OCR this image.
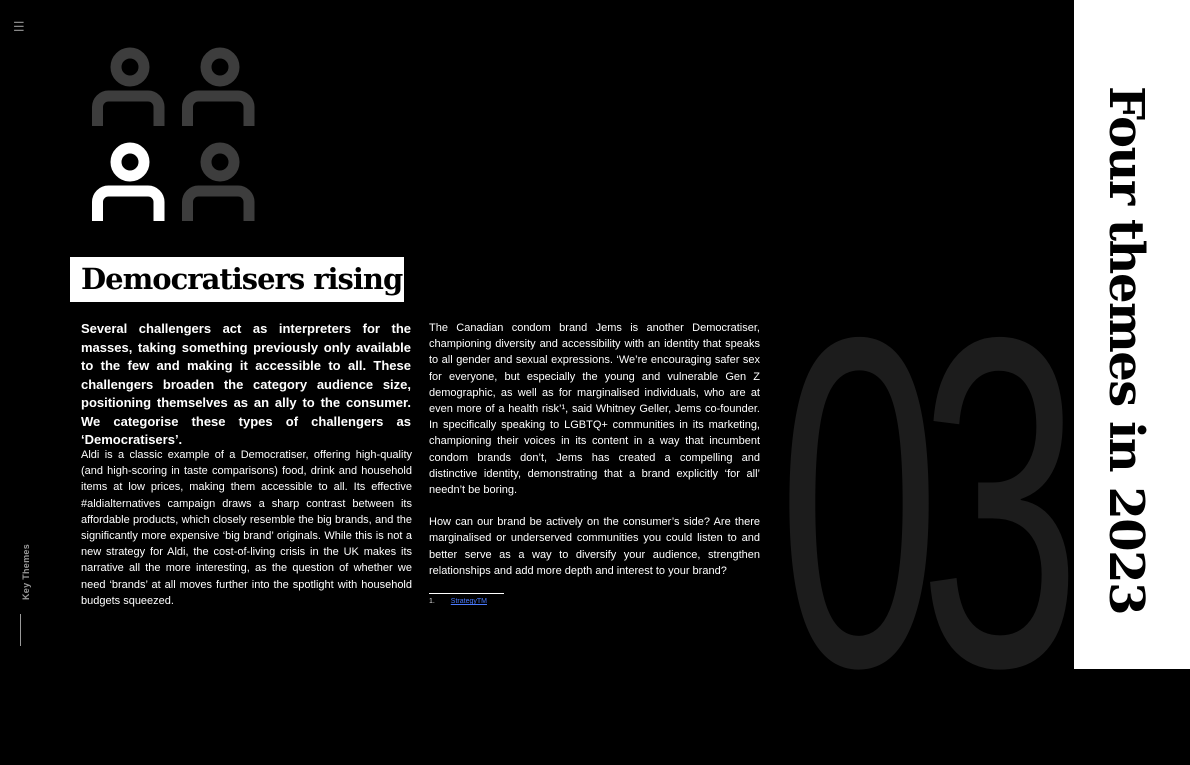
☰
Key Themes 03 Four themes in 2023
Democratisers rising
Several challengers act as interpreters for the masses, taking something previously only available to the few and making it accessible to all. These challengers broaden the category audience size, positioning themselves as an ally to the consumer. We categorise these types of challengers as ‘Democratisers’.
Aldi is a classic example of a Democratiser, offering high-quality (and high-scoring in taste comparisons) food, drink and household items at low prices, making them accessible to all. Its effective #aldialternatives campaign draws a sharp contrast between its affordable products, which closely resemble the big brands, and the significantly more expensive ‘big brand’ originals. While this is not a new strategy for Aldi, the cost-of-living crisis in the UK makes its narrative all the more interesting, as the question of whether we need ‘brands’ at all moves further into the spotlight with household budgets squeezed.

The Canadian condom brand Jems is another Democratiser, championing diversity and accessibility with an identity that speaks to all gender and sexual expressions. ‘We’re encouraging safer sex for everyone, but especially the young and vulnerable Gen Z demographic, as well as for marginalised individuals, who are at even more of a health risk’¹, said Whitney Geller, Jems co-founder. In specifically speaking to LGBTQ+ communities in its marketing, championing their voices in its content in a way that incumbent condom brands don’t, Jems has created a compelling and distinctive identity, demonstrating that a brand explicitly ‘for all’ needn’t be boring.

How can our brand be actively on the consumer’s side? Are there marginalised or underserved communities you could listen to and better serve as a way to diversify your audience, strengthen relationships and add more depth and interest to your brand?

1. StrategyTM
